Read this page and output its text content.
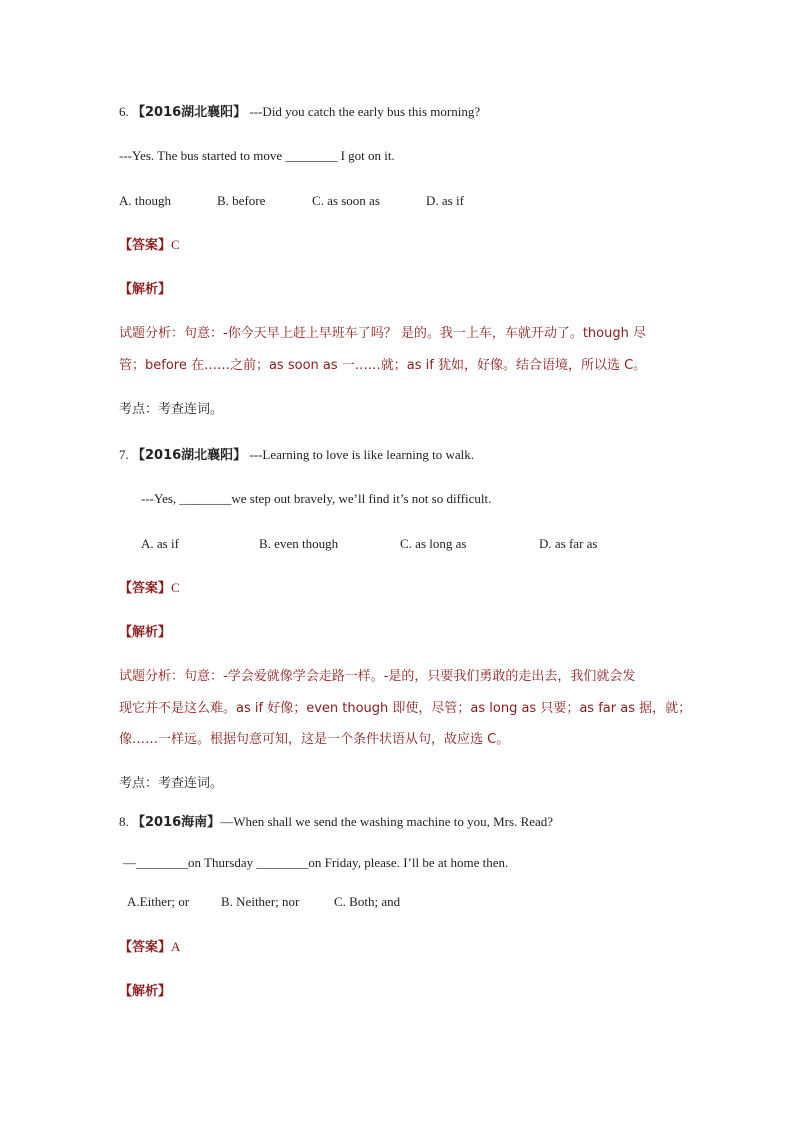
6. 【2016湖北襄阳】 ---Did you catch the early bus this morning?
---Yes. The bus started to move ________ I got on it.
A. though	B. before	C. as soon as	D. as if
【答案】C
【解析】
试题分析：句意：-你今天早上赶上早班车了吗？ 是的。我一上车，车就开动了。though 尽
管；before 在……之前；as soon as 一……就；as if 犹如，好像。结合语境，所以选 C。
考点：考查连词。
7. 【2016湖北襄阳】 ---Learning to love is like learning to walk.
---Yes, ________we step out bravely, we’ll find it’s not so difficult.
A. as if	B. even though	C. as long as	D. as far as
【答案】C
【解析】
试题分析：句意：-学会爱就像学会走路一样。-是的，只要我们勇敢的走出去，我们就会发
现它并不是这么难。as if 好像；even though 即使，尽管；as long as 只要；as far as 据，就；
像……一样远。根据句意可知，这是一个条件状语从句，故应选 C。
考点：考查连词。
8. 【2016海南】—When shall we send the washing machine to you, Mrs. Read?
—________on Thursday ________on Friday, please. I’ll be at home then.
A.Either; or B. Neither; nor	C. Both; and
【答案】A
【解析】
